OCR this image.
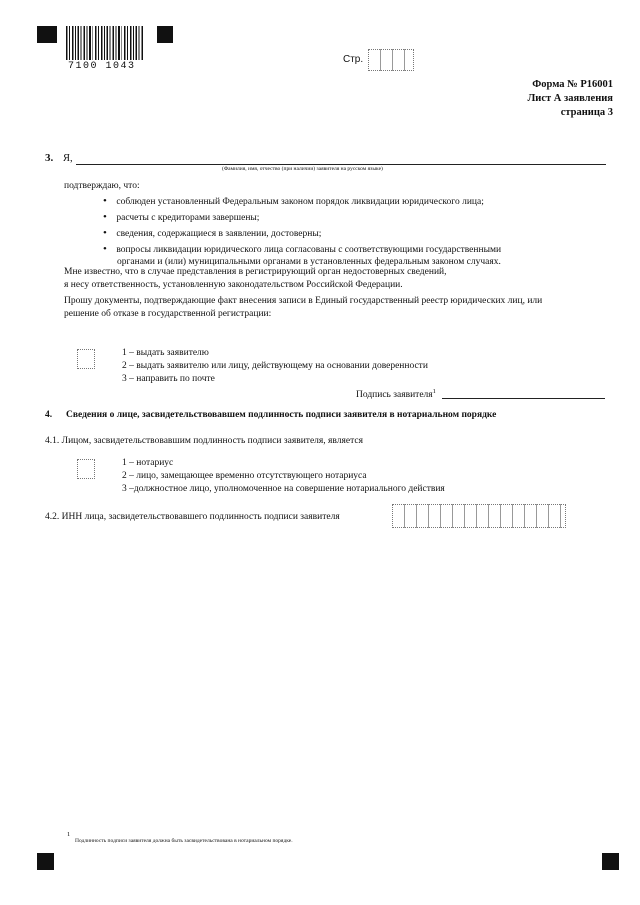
7100 1043
Стр.
Форма № Р16001
Лист А заявления
страница 3
3. Я,
(Фамилия, имя, отчество (при наличии) заявителя на русском языке)
подтверждаю, что:
• соблюден установленный Федеральным законом порядок ликвидации юридического лица;
• расчеты с кредиторами завершены;
• сведения, содержащиеся в заявлении, достоверны;
• вопросы ликвидации юридического лица согласованы с соответствующими государственными
органами и (или) муниципальными органами в установленных федеральным законом случаях.
Мне известно, что в случае представления в регистрирующий орган недостоверных сведений,
я несу ответственность, установленную законодательством Российской Федерации.
Прошу документы, подтверждающие факт внесения записи в Единый государственный реестр юридических лиц, или
решение об отказе в государственной регистрации:
1 – выдать заявителю
2 – выдать заявителю или лицу, действующему на основании доверенности
3 – направить по почте
Подпись заявителя$^1$
4. Сведения о лице, засвидетельствовавшем подлинность подписи заявителя в нотариальном порядке
4.1. Лицом, засвидетельствовавшим подлинность подписи заявителя, является
1 – нотариус
2 – лицо, замещающее временно отсутствующего нотариуса
3 –должностное лицо, уполномоченное на совершение нотариального действия
4.2. ИНН лица, засвидетельствовавшего подлинность подписи заявителя
1
Подлинность подписи заявителя должна быть засвидетельствована в нотариальном порядке.
